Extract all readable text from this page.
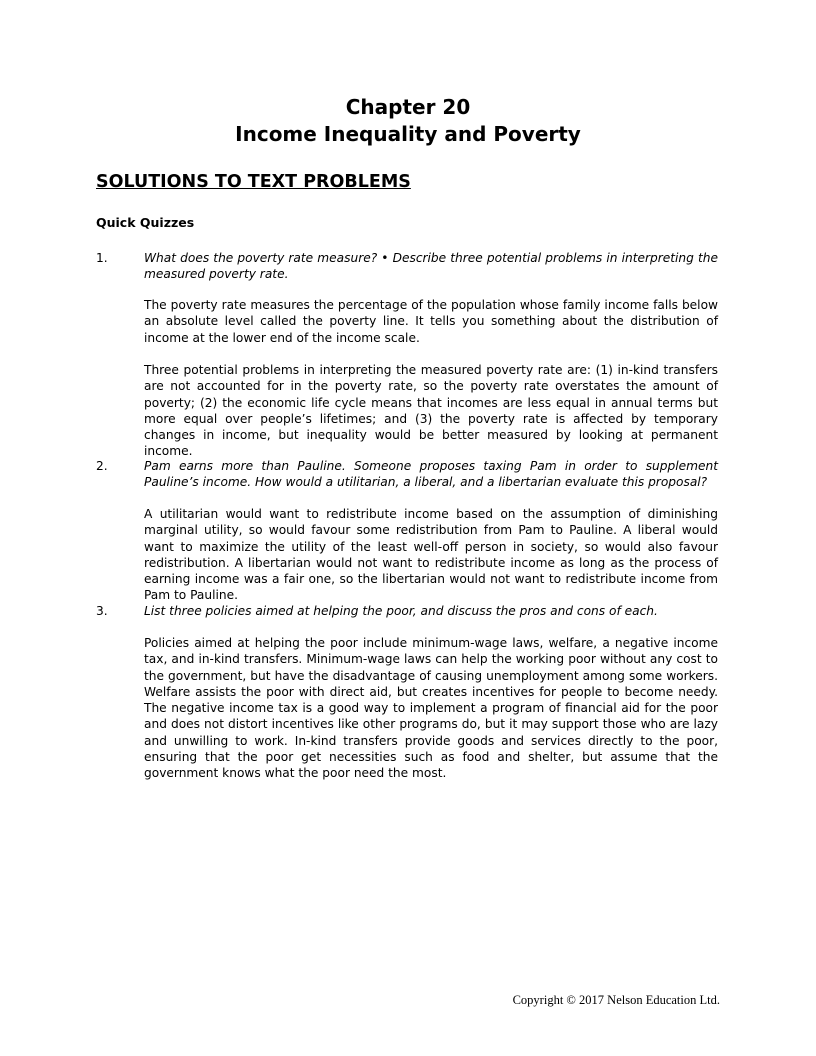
Chapter 20
Income Inequality and Poverty
SOLUTIONS TO TEXT PROBLEMS
Quick Quizzes
1.	What does the poverty rate measure? • Describe three potential problems in interpreting the measured poverty rate.
The poverty rate measures the percentage of the population whose family income falls below an absolute level called the poverty line. It tells you something about the distribution of income at the lower end of the income scale.
Three potential problems in interpreting the measured poverty rate are: (1) in-kind transfers are not accounted for in the poverty rate, so the poverty rate overstates the amount of poverty; (2) the economic life cycle means that incomes are less equal in annual terms but more equal over people’s lifetimes; and (3) the poverty rate is affected by temporary changes in income, but inequality would be better measured by looking at permanent income.
2.	Pam earns more than Pauline. Someone proposes taxing Pam in order to supplement Pauline’s income. How would a utilitarian, a liberal, and a libertarian evaluate this proposal?
A utilitarian would want to redistribute income based on the assumption of diminishing marginal utility, so would favour some redistribution from Pam to Pauline. A liberal would want to maximize the utility of the least well-off person in society, so would also favour redistribution. A libertarian would not want to redistribute income as long as the process of earning income was a fair one, so the libertarian would not want to redistribute income from Pam to Pauline.
3.	List three policies aimed at helping the poor, and discuss the pros and cons of each.
Policies aimed at helping the poor include minimum-wage laws, welfare, a negative income tax, and in-kind transfers. Minimum-wage laws can help the working poor without any cost to the government, but have the disadvantage of causing unemployment among some workers. Welfare assists the poor with direct aid, but creates incentives for people to become needy. The negative income tax is a good way to implement a program of financial aid for the poor and does not distort incentives like other programs do, but it may support those who are lazy and unwilling to work. In-kind transfers provide goods and services directly to the poor, ensuring that the poor get necessities such as food and shelter, but assume that the government knows what the poor need the most.
Copyright © 2017 Nelson Education Ltd.
